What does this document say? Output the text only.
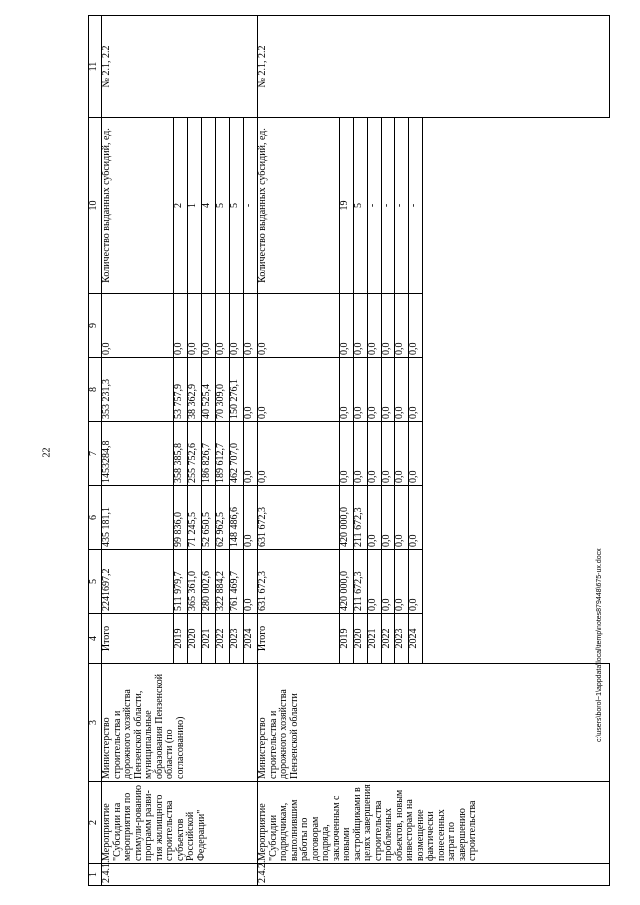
22
c:\users\borol~1\appdata\local\temp\notes879448\675-ux.docx
1	2	3	4	5	6	7	8	9	10	11
2.4.1.	Мероприятие "Субсидии на мероприятия по стимули-рованию программ разви-тия жилищного строительства субъектов Российской Федерации"	Министерство строительства и дорожного хозяйства Пензенской области, муниципальные образования Пензенской области (по согласованию)	Итого	2241697,2	435 181,1	1453284,8	353 231,3	0,0	Количество выданных субсидий, ед.	№ 2.1, 2.2
			2019	511 979,7	99 836,0	358 385,8	53 757,9	0,0	2	
			2020	365 361,0	71 245,5	255 752,6	38 362,9	0,0	1	
			2021	280 002,6	52 650,5	186 826,7	40 525,4	0,0	4	
			2022	322 884,2	62 962,5	189 612,7	70 309,0	0,0	5	
			2023	761 469,7	148 486,6	462 707,0	150 276,1	0,0	5	
			2024	0,0	0,0	0,0	0,0	0,0	-	
2.4.2.	Мероприятие "Субсидии подрядчикам, выполнившим работы по договорам подряда, заключенным с новыми застройщиками в целях завершения строительства проблемных объектов, новым инвесторам на возмещение фактически понесенных затрат по завершению строительства	Министерство строительства и дорожного хозяйства Пензенской области	Итого	631 672,3	631 672,3	0,0	0,0	0,0	Количество выданных субсидий, ед.	№ 2.1, 2.2
			2019	420 000,0	420 000,0	0,0	0,0	0,0	19	
			2020	211 672,3	211 672,3	0,0	0,0	0,0	5	
			2021	0,0	0,0	0,0	0,0	0,0	-	
			2022	0,0	0,0	0,0	0,0	0,0	-	
			2023	0,0	0,0	0,0	0,0	0,0	-	
			2024	0,0	0,0	0,0	0,0	0,0	-	
